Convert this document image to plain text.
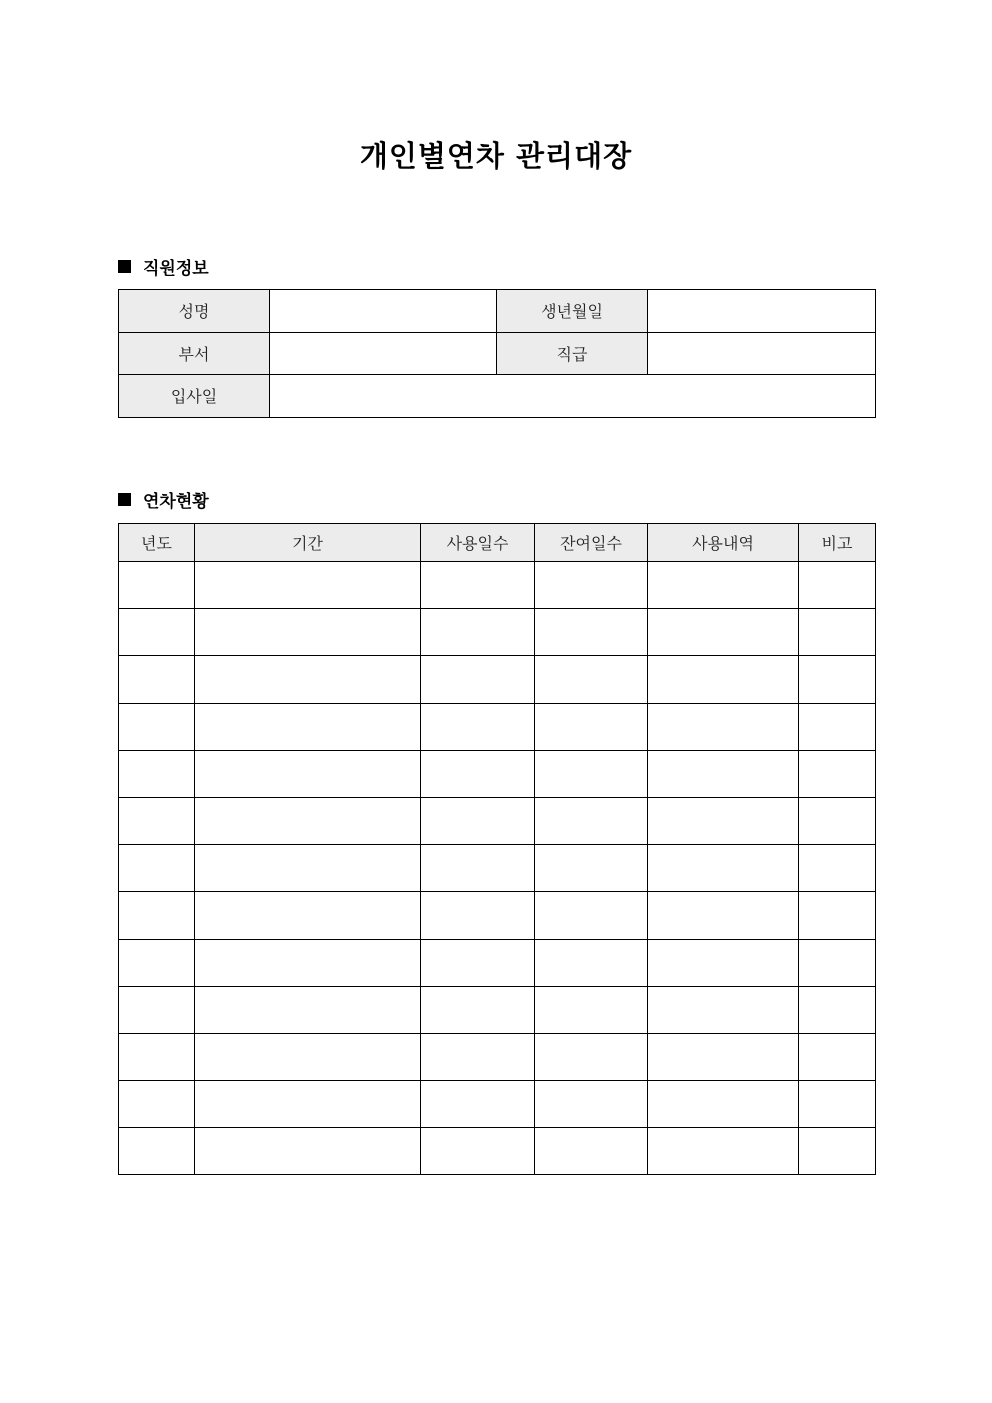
개인별연차 관리대장
직원정보
성명		생년월일	
부서		직급	
입사일			
연차현황
년도	기간	사용일수	잔여일수	사용내역	비고
